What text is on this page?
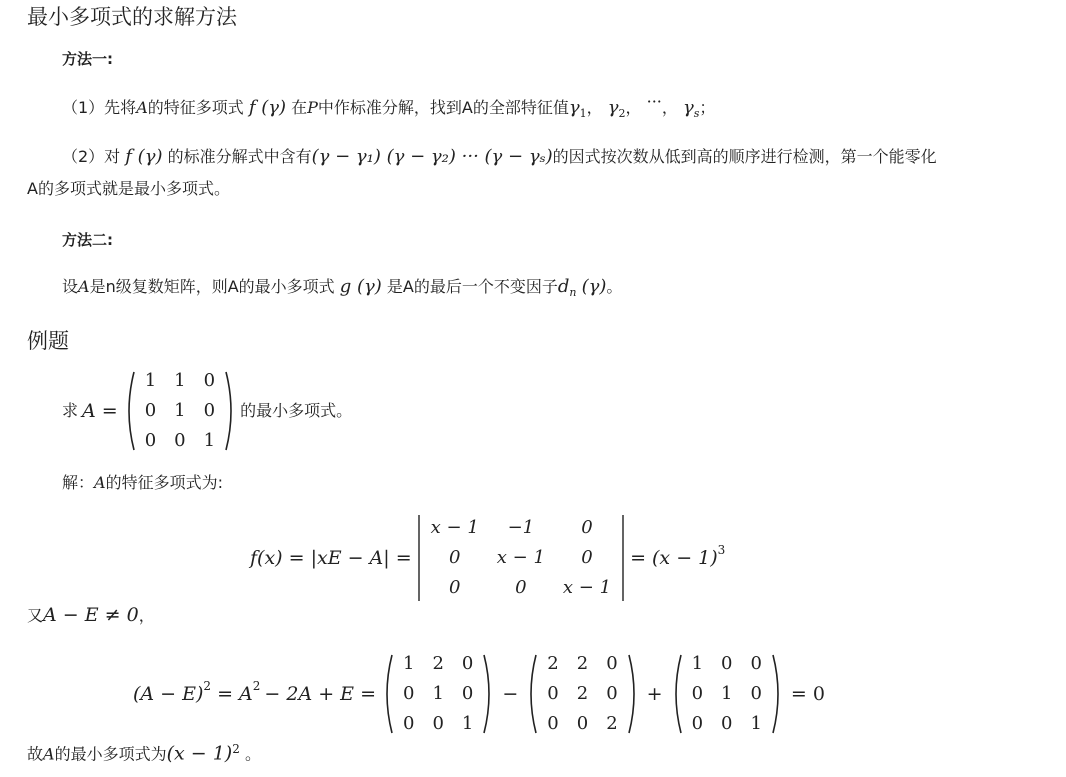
最小多项式的求解方法
方法一:
（1）先将A的特征多项式 f (γ) 在P中作标准分解，找到A的全部特征值$\gamma_1$， $\gamma_2$， ···， $\gamma_s$；
（2）对 f (γ) 的标准分解式中含有(γ − γ₁) (γ − γ₂) ··· (γ − γₛ)的因式按次数从低到高的顺序进行检测，第一个能零化
A的多项式就是最小多项式。
方法二:
设A是n级复数矩阵，则A的最小多项式 g (γ) 是A的最后一个不变因子$d_n$ (γ)。
例题
求 A =
1	1	0
0	1	0
0	0	1
的最小多项式。
解：A的特征多项式为:
f(x) = |xE − A| =
x − 1	−1	0
0	x − 1	0
0	0	x − 1
= $(x - 1)^3$
又A − E ≠ 0，
$(A - E)^2 = A^2 - 2A + E$ =
1	2	0
0	1	0
0	0	1
−
2	2	0
0	2	0
0	0	2
+
1	0	0
0	1	0
0	0	1
= 0
故A的最小多项式为$(x - 1)^2$ 。
